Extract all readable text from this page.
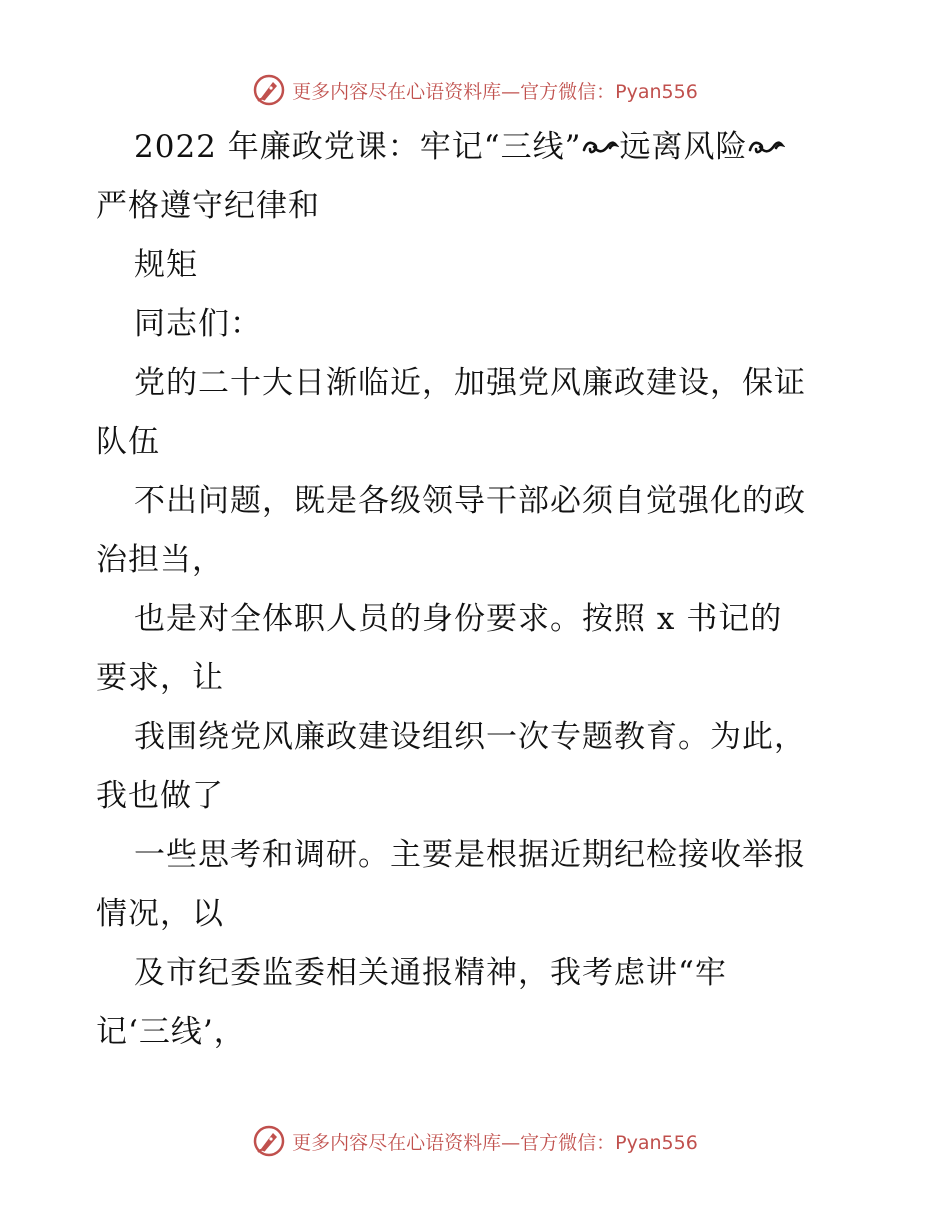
更多内容尽在心语资料库—官方微信：Pyan556
2022 年廉政党课：牢记“三线” 远离风险
严格遵守纪律和
规矩
同志们：
党的二十大日渐临近，加强党风廉政建设，保证
队伍
不出问题，既是各级领导干部必须自觉强化的政
治担当，
也是对全体职人员的身份要求。按照 x 书记的
要求，让
我围绕党风廉政建设组织一次专题教育。为此，
我也做了
一些思考和调研。主要是根据近期纪检接收举报
情况，以
及市纪委监委相关通报精神，我考虑讲“牢
记‘三线’，
更多内容尽在心语资料库—官方微信：Pyan556
